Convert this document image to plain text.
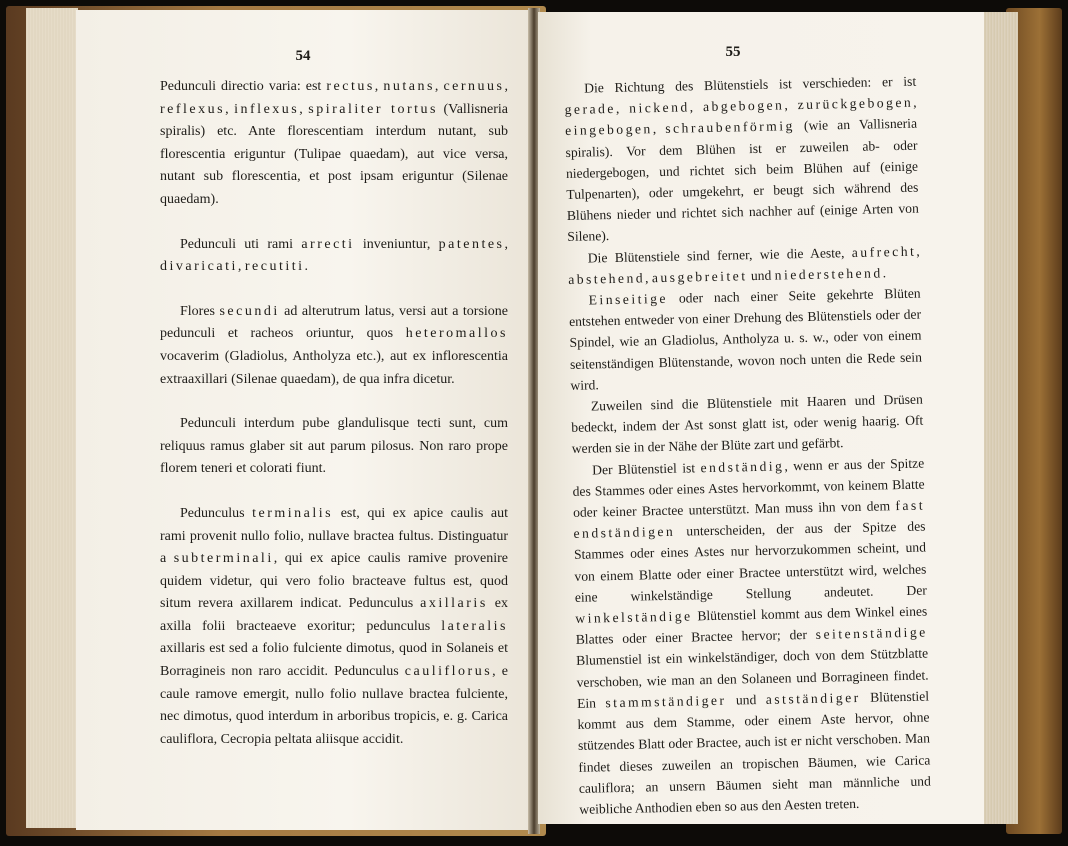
54

Pedunculi directio varia: est rectus, nutans, cernuus, reflexus, inflexus, spiraliter tortus (Vallisneria spiralis) etc. Ante florescentiam interdum nutant, sub florescentia eriguntur (Tulipae quaedam), aut vice versa, nutant sub florescentia, et post ipsam eriguntur (Silenae quaedam).

Pedunculi uti rami arrecti inveniuntur, patentes, divaricati, recutiti.

Flores secundi ad alterutrum latus, versi aut a torsione pedunculi et racheos oriuntur, quos heteromallos vocaverim (Gladiolus, Antholyza etc.), aut ex inflorescentia extraaxillari (Silenae quaedam), de qua infra dicetur.

Pedunculi interdum pube glandulisque tecti sunt, cum reliquus ramus glaber sit aut parum pilosus. Non raro prope florem teneri et colorati fiunt.

Pedunculus terminalis est, qui ex apice caulis aut rami provenit nullo folio, nullave bractea fultus. Distinguatur a subterminali, qui ex apice caulis ramive provenire quidem videtur, qui vero folio bracteave fultus est, quod situm revera axillarem indicat. Pedunculus axillaris ex axilla folii bracteaeve exoritur; pedunculus lateralis axillaris est sed a folio fulciente dimotus, quod in Solaneis et Borragineis non raro accidit. Pedunculus cauliflorus, e caule ramove emergit, nullo folio nullave bractea fulciente, nec dimotus, quod interdum in arboribus tropicis, e. g. Carica cauliflora, Cecropia peltata aliisque accidit.

55

Die Richtung des Blütenstiels ist verschieden: er ist gerade, nickend, abgebogen, zurückgebogen, eingebogen, schraubenförmig (wie an Vallisneria spiralis). Vor dem Blühen ist er zuweilen ab- oder niedergebogen, und richtet sich beim Blühen auf (einige Tulpenarten), oder umgekehrt, er beugt sich während des Blühens nieder und richtet sich nachher auf (einige Arten von Silene).

Die Blütenstiele sind ferner, wie die Aeste, aufrecht, abstehend, ausgebreitet und niederstehend.

Einseitige oder nach einer Seite gekehrte Blüten entstehen entweder von einer Drehung des Blütenstiels oder der Spindel, wie an Gladiolus, Antholyza u. s. w., oder von einem seitenständigen Blütenstande, wovon noch unten die Rede sein wird.

Zuweilen sind die Blütenstiele mit Haaren und Drüsen bedeckt, indem der Ast sonst glatt ist, oder wenig haarig. Oft werden sie in der Nähe der Blüte zart und gefärbt.

Der Blütenstiel ist endständig, wenn er aus der Spitze des Stammes oder eines Astes hervorkommt, von keinem Blatte oder keiner Bractee unterstützt. Man muss ihn von dem fast endständigen unterscheiden, der aus der Spitze des Stammes oder eines Astes nur hervorzukommen scheint, und von einem Blatte oder einer Bractee unterstützt wird, welches eine winkelständige Stellung andeutet. Der winkelständige Blütenstiel kommt aus dem Winkel eines Blattes oder einer Bractee hervor; der seitenständige Blumenstiel ist ein winkelständiger, doch von dem Stützblatte verschoben, wie man an den Solaneen und Borragineen findet. Ein stammständiger und astständiger Blütenstiel kommt aus dem Stamme, oder einem Aste hervor, ohne stützendes Blatt oder Bractee, auch ist er nicht verschoben. Man findet dieses zuweilen an tropischen Bäumen, wie Carica cauliflora; an unsern Bäumen sieht man männliche und weibliche Anthodien eben so aus den Aesten treten.
